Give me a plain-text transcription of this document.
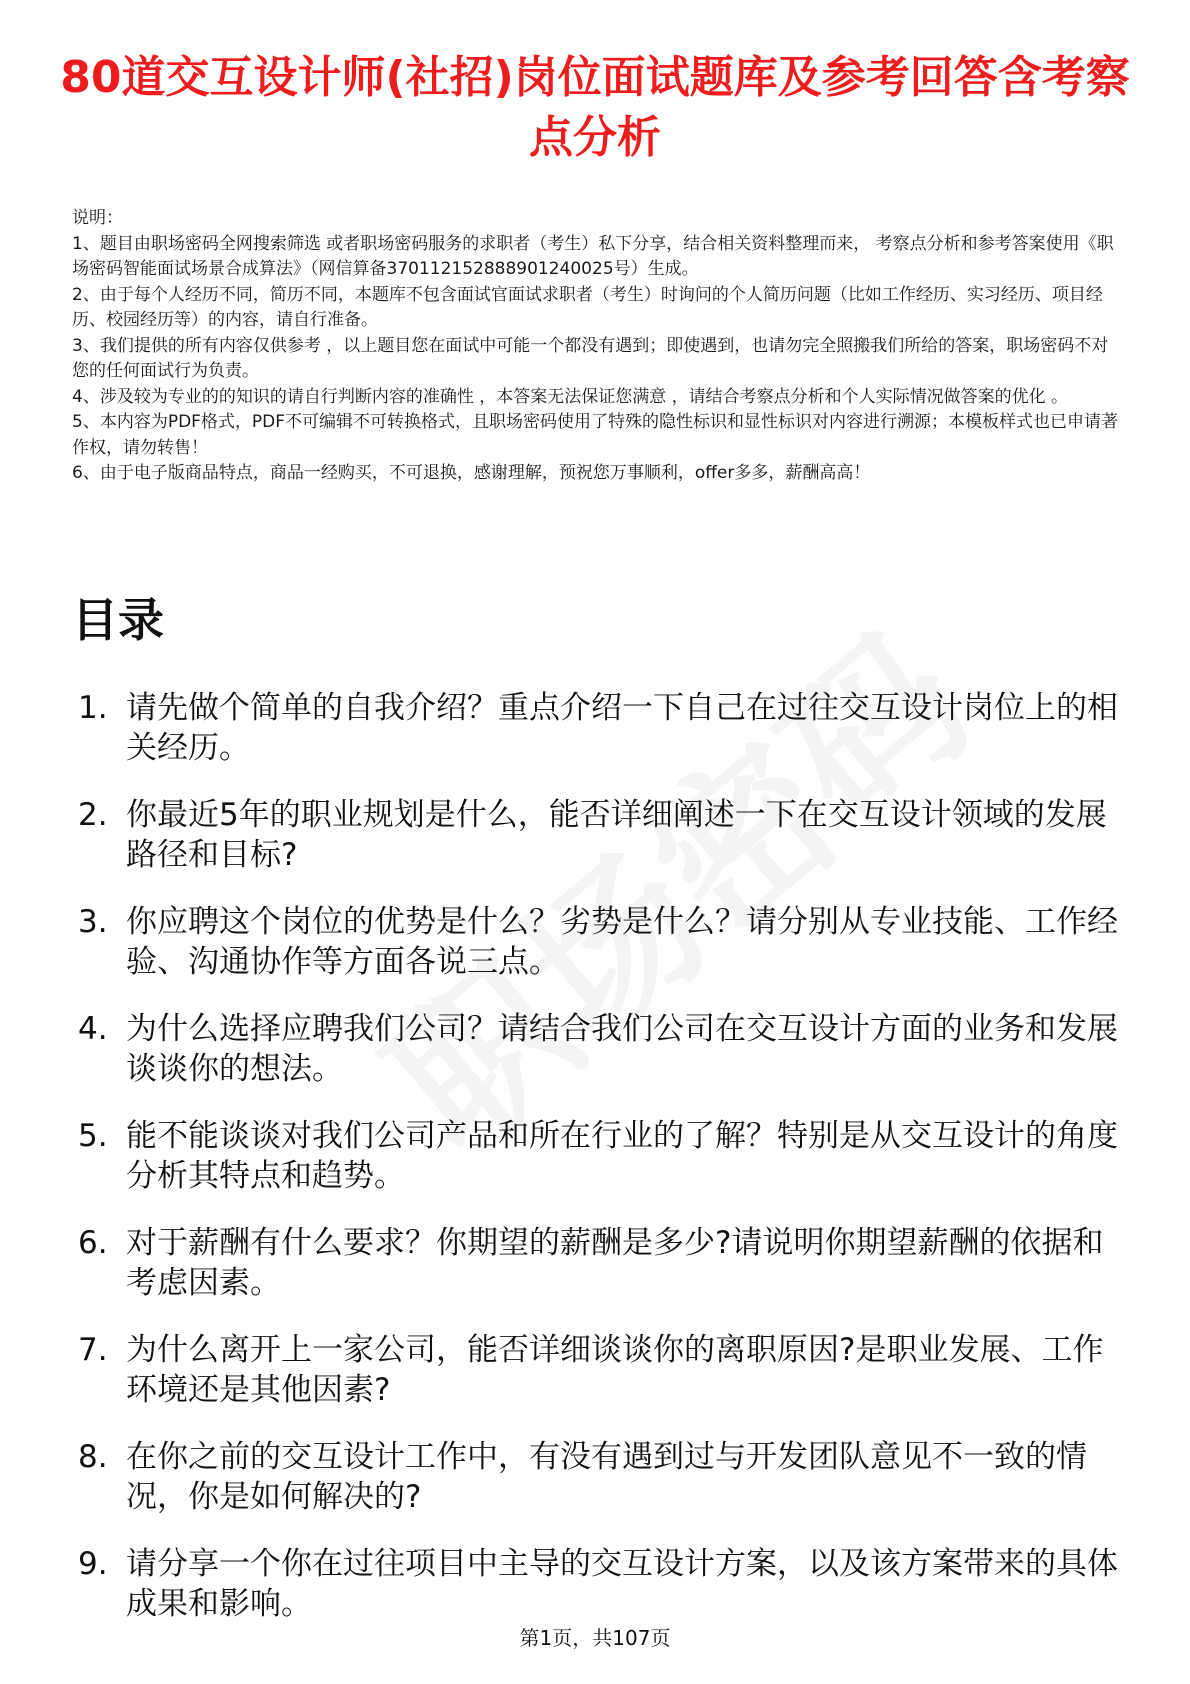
80道交互设计师(社招)岗位面试题库及参考回答含考察点分析

说明：

1、题目由职场密码全网搜索筛选 或者职场密码服务的求职者（考生）私下分享，结合相关资料整理而来， 考察点分析和参考答案使用《职场密码智能面试场景合成算法》（网信算备370112152888901240025号）生成。

2、由于每个人经历不同，简历不同，本题库不包含面试官面试求职者（考生）时询问的个人简历问题（比如工作经历、实习经历、项目经历、校园经历等）的内容，请自行准备。

3、我们提供的所有内容仅供参考 ，以上题目您在面试中可能一个都没有遇到；即使遇到，也请勿完全照搬我们所给的答案，职场密码不对您的任何面试行为负责。

4、涉及较为专业的的知识的请自行判断内容的准确性 ，本答案无法保证您满意 ，请结合考察点分析和个人实际情况做答案的优化 。

5、本内容为PDF格式，PDF不可编辑不可转换格式，且职场密码使用了特殊的隐性标识和显性标识对内容进行溯源；本模板样式也已申请著作权，请勿转售！

6、由于电子版商品特点，商品一经购买，不可退换，感谢理解，预祝您万事顺利，offer多多，薪酬高高！

目录
1. 请先做个简单的自我介绍？重点介绍一下自己在过往交互设计岗位上的相关经历。
2. 你最近5年的职业规划是什么，能否详细阐述一下在交互设计领域的发展路径和目标?
3. 你应聘这个岗位的优势是什么？劣势是什么？请分别从专业技能、工作经验、沟通协作等方面各说三点。
4. 为什么选择应聘我们公司？请结合我们公司在交互设计方面的业务和发展谈谈你的想法。
5. 能不能谈谈对我们公司产品和所在行业的了解？特别是从交互设计的角度分析其特点和趋势。
6. 对于薪酬有什么要求？你期望的薪酬是多少?请说明你期望薪酬的依据和考虑因素。
7. 为什么离开上一家公司，能否详细谈谈你的离职原因?是职业发展、工作环境还是其他因素?
8. 在你之前的交互设计工作中，有没有遇到过与开发团队意见不一致的情况，你是如何解决的?
9. 请分享一个你在过往项目中主导的交互设计方案，以及该方案带来的具体成果和影响。
第1页，共107页
